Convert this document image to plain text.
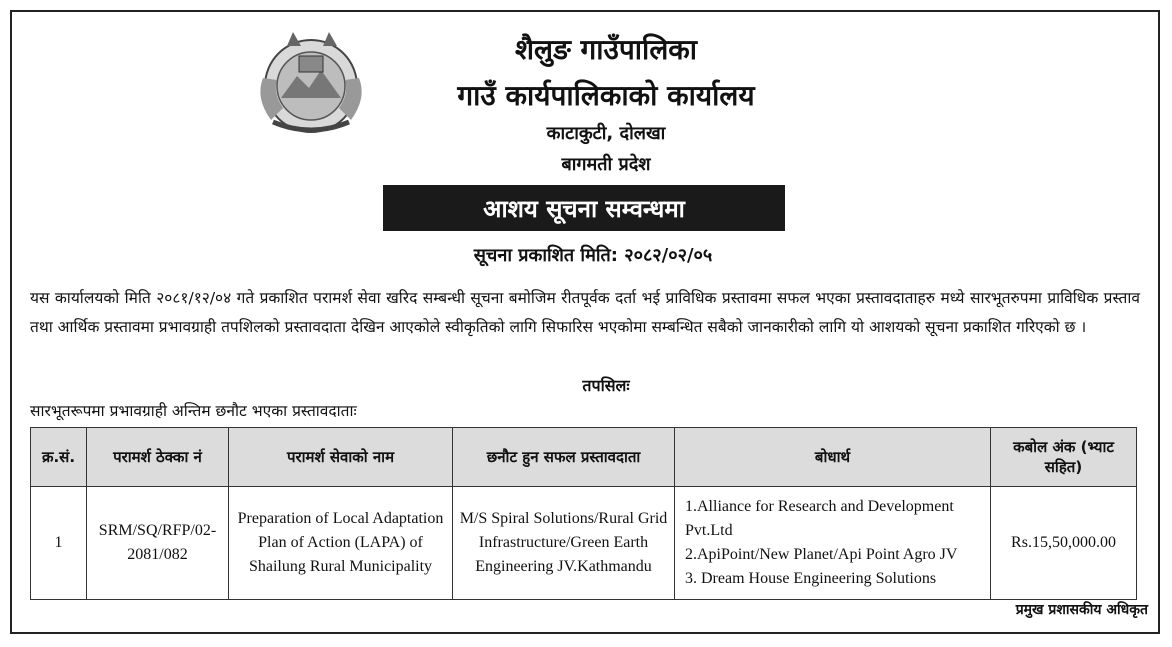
शैलुङ गाउँपालिका
गाउँ कार्यपालिकाको कार्यालय
काटाकुटी, दोलखा
बागमती प्रदेश
आशय सूचना सम्वन्धमा
सूचना प्रकाशित मिति: २०८२/०२/०५
यस कार्यालयको मिति २०८१/१२/०४ गते प्रकाशित परामर्श सेवा खरिद सम्बन्धी सूचना बमोजिम रीतपूर्वक दर्ता भई प्राविधिक प्रस्तावमा सफल भएका प्रस्तावदाताहरु मध्ये सारभूतरुपमा प्राविधिक प्रस्ताव तथा आर्थिक प्रस्तावमा प्रभावग्राही तपशिलको प्रस्तावदाता देखिन आएकोले स्वीकृतिको लागि सिफारिस भएकोमा सम्बन्धित सबैको जानकारीको लागि यो आशयको सूचना प्रकाशित गरिएको छ ।
तपसिलः
सारभूतरूपमा प्रभावग्राही अन्तिम छनौट भएका प्रस्तावदाताः
क्र.सं.	परामर्श ठेक्का नं	परामर्श सेवाको नाम	छनौट हुन सफल प्रस्तावदाता	बोधार्थ	कबोल अंक (भ्याट सहित)
1	SRM/SQ/RFP/02-2081/082	Preparation of Local Adaptation Plan of Action (LAPA) of Shailung Rural Municipality	M/S Spiral Solutions/Rural Grid Infrastructure/Green Earth Engineering JV.Kathmandu	1.Alliance for Research and Development Pvt.Ltd
2.ApiPoint/New Planet/Api Point Agro JV
3. Dream House Engineering Solutions	Rs.15,50,000.00
प्रमुख प्रशासकीय अधिकृत
